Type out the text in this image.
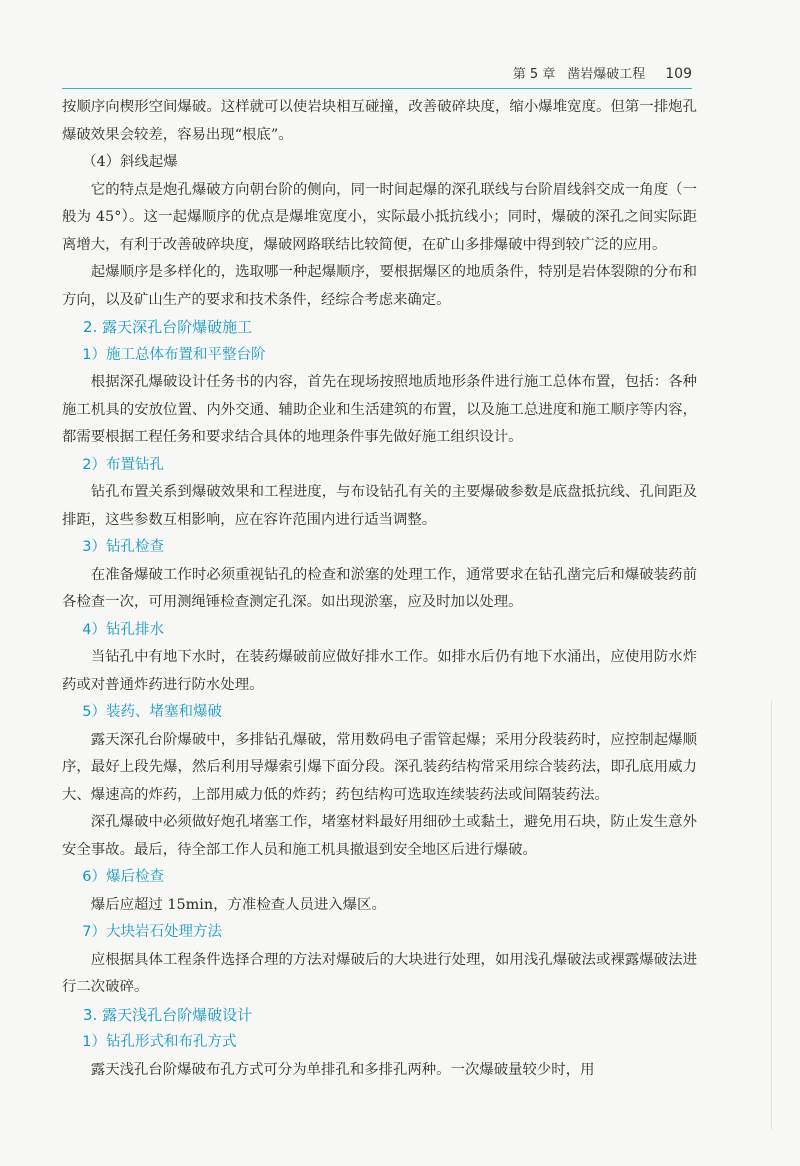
第 5 章 凿岩爆破工程 109

按顺序向楔形空间爆破。这样就可以使岩块相互碰撞，改善破碎块度，缩小爆堆宽度。但第一排炮孔爆破效果会较差，容易出现“根底”。

（4）斜线起爆

它的特点是炮孔爆破方向朝台阶的侧向，同一时间起爆的深孔联线与台阶眉线斜交成一角度（一般为 45°）。这一起爆顺序的优点是爆堆宽度小，实际最小抵抗线小；同时，爆破的深孔之间实际距离增大，有利于改善破碎块度，爆破网路联结比较简便，在矿山多排爆破中得到较广泛的应用。

起爆顺序是多样化的，选取哪一种起爆顺序，要根据爆区的地质条件，特别是岩体裂隙的分布和方向，以及矿山生产的要求和技术条件，经综合考虑来确定。

2. 露天深孔台阶爆破施工
1）施工总体布置和平整台阶

根据深孔爆破设计任务书的内容，首先在现场按照地质地形条件进行施工总体布置，包括：各种施工机具的安放位置、内外交通、辅助企业和生活建筑的布置，以及施工总进度和施工顺序等内容，都需要根据工程任务和要求结合具体的地理条件事先做好施工组织设计。

2）布置钻孔

钻孔布置关系到爆破效果和工程进度，与布设钻孔有关的主要爆破参数是底盘抵抗线、孔间距及排距，这些参数互相影响，应在容许范围内进行适当调整。

3）钻孔检查

在准备爆破工作时必须重视钻孔的检查和淤塞的处理工作，通常要求在钻孔凿完后和爆破装药前各检查一次，可用测绳锤检查测定孔深。如出现淤塞，应及时加以处理。

4）钻孔排水

当钻孔中有地下水时，在装药爆破前应做好排水工作。如排水后仍有地下水涌出，应使用防水炸药或对普通炸药进行防水处理。

5）装药、堵塞和爆破

露天深孔台阶爆破中，多排钻孔爆破，常用数码电子雷管起爆；采用分段装药时，应控制起爆顺序，最好上段先爆，然后利用导爆索引爆下面分段。深孔装药结构常采用综合装药法，即孔底用威力大、爆速高的炸药，上部用威力低的炸药；药包结构可选取连续装药法或间隔装药法。

深孔爆破中必须做好炮孔堵塞工作，堵塞材料最好用细砂土或黏土，避免用石块，防止发生意外安全事故。最后，待全部工作人员和施工机具撤退到安全地区后进行爆破。

6）爆后检查

爆后应超过 15min，方准检查人员进入爆区。

7）大块岩石处理方法

应根据具体工程条件选择合理的方法对爆破后的大块进行处理，如用浅孔爆破法或裸露爆破法进行二次破碎。

3. 露天浅孔台阶爆破设计
1）钻孔形式和布孔方式

露天浅孔台阶爆破布孔方式可分为单排孔和多排孔两种。一次爆破量较少时，用
